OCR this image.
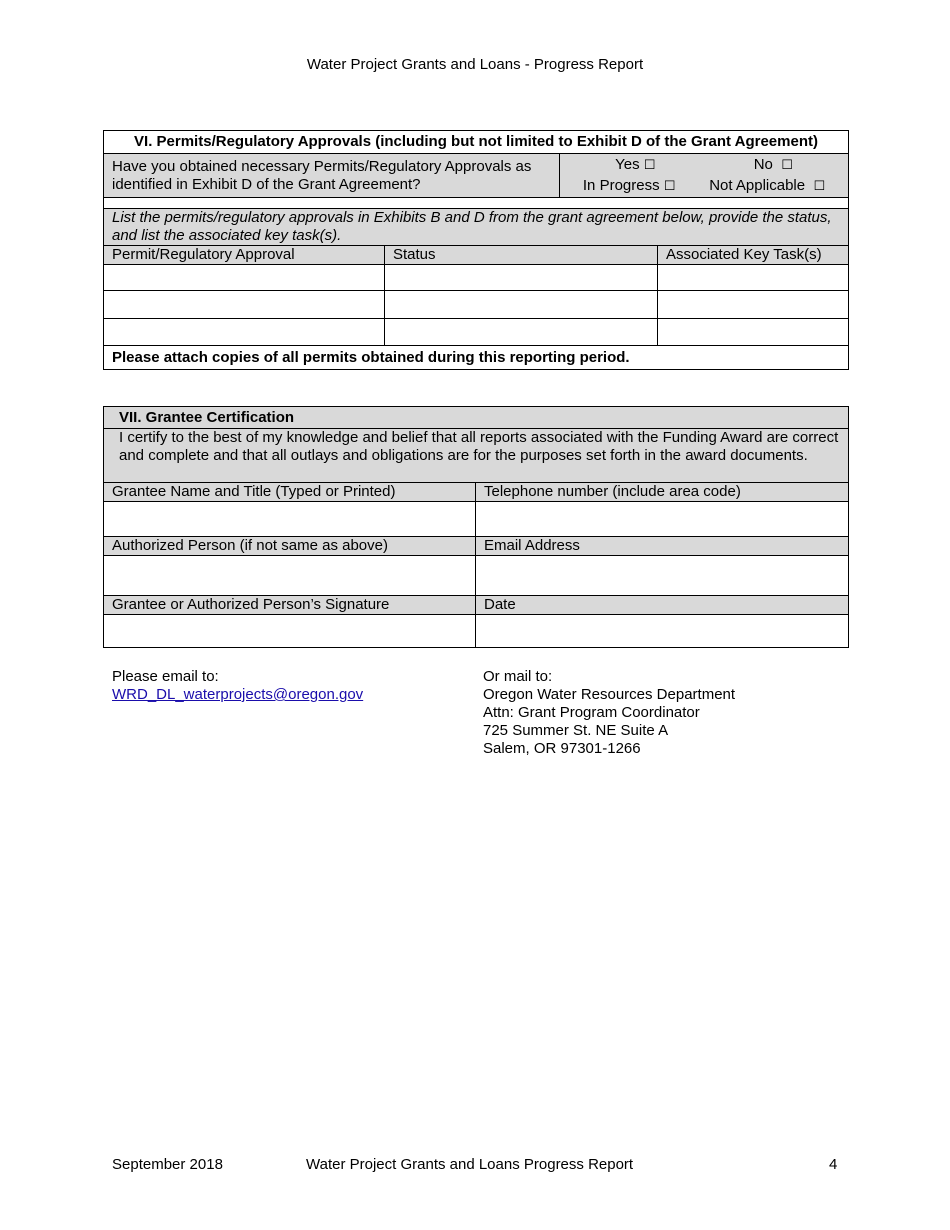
Water Project Grants and Loans - Progress Report
VI. Permits/Regulatory Approvals (including but not limited to Exhibit D of the Grant Agreement)			
Have you obtained necessary Permits/Regulatory Approvals as identified in Exhibit D of the Grant Agreement?		Yes ☐ No ☐
In Progress ☐ Not Applicable ☐	

List the permits/regulatory approvals in Exhibits B and D from the grant agreement below, provide the status, and list the associated key task(s).			
Permit/Regulatory Approval	Status		Associated Key Task(s)

Please attach copies of all permits obtained during this reporting period.			
VII. Grantee Certification	
I certify to the best of my knowledge and belief that all reports associated with the Funding Award are correct and complete and that all outlays and obligations are for the purposes set forth in the award documents.	
Grantee Name and Title (Typed or Printed)	Telephone number (include area code)

Authorized Person (if not same as above)	Email Address

Grantee or Authorized Person’s Signature	Date

Please email to:
WRD_DL_waterprojects@oregon.gov
Or mail to:
Oregon Water Resources Department
Attn: Grant Program Coordinator
725 Summer St. NE Suite A
Salem, OR 97301-1266
September 2018	Water Project Grants and Loans Progress Report	4
